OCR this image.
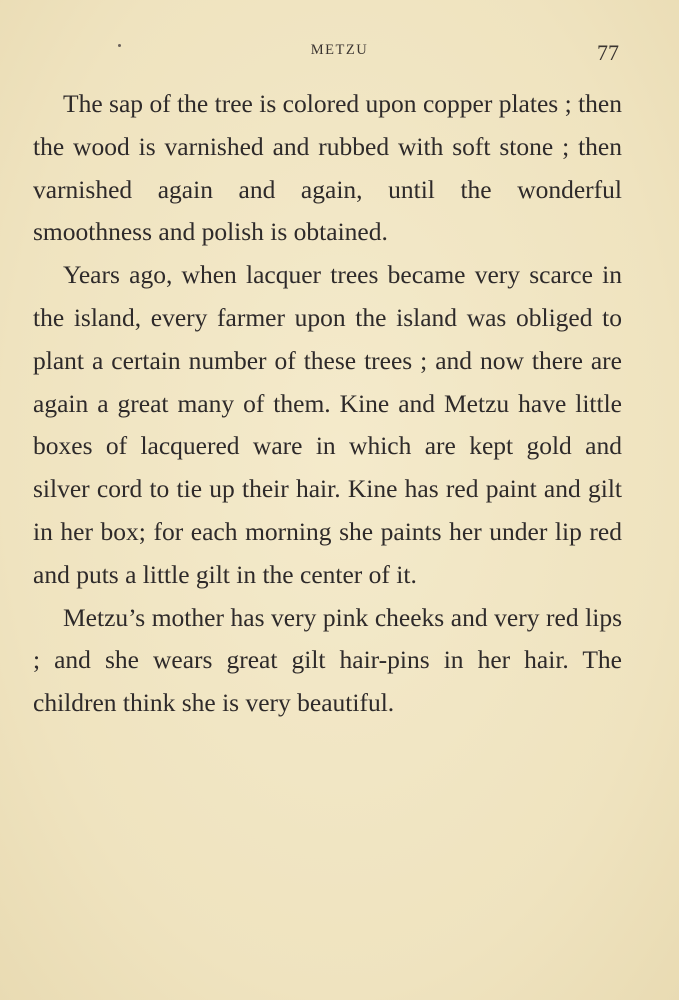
METZU	77

The sap of the tree is colored upon copper plates ; then the wood is varnished and rubbed with soft stone ; then varnished again and again, until the wonderful smoothness and polish is obtained.

Years ago, when lacquer trees became very scarce in the island, every farmer upon the island was obliged to plant a certain number of these trees ; and now there are again a great many of them. Kine and Metzu have little boxes of lacquered ware in which are kept gold and silver cord to tie up their hair. Kine has red paint and gilt in her box; for each morning she paints her under lip red and puts a little gilt in the center of it.

Metzu’s mother has very pink cheeks and very red lips ; and she wears great gilt hair-pins in her hair. The children think she is very beautiful.
